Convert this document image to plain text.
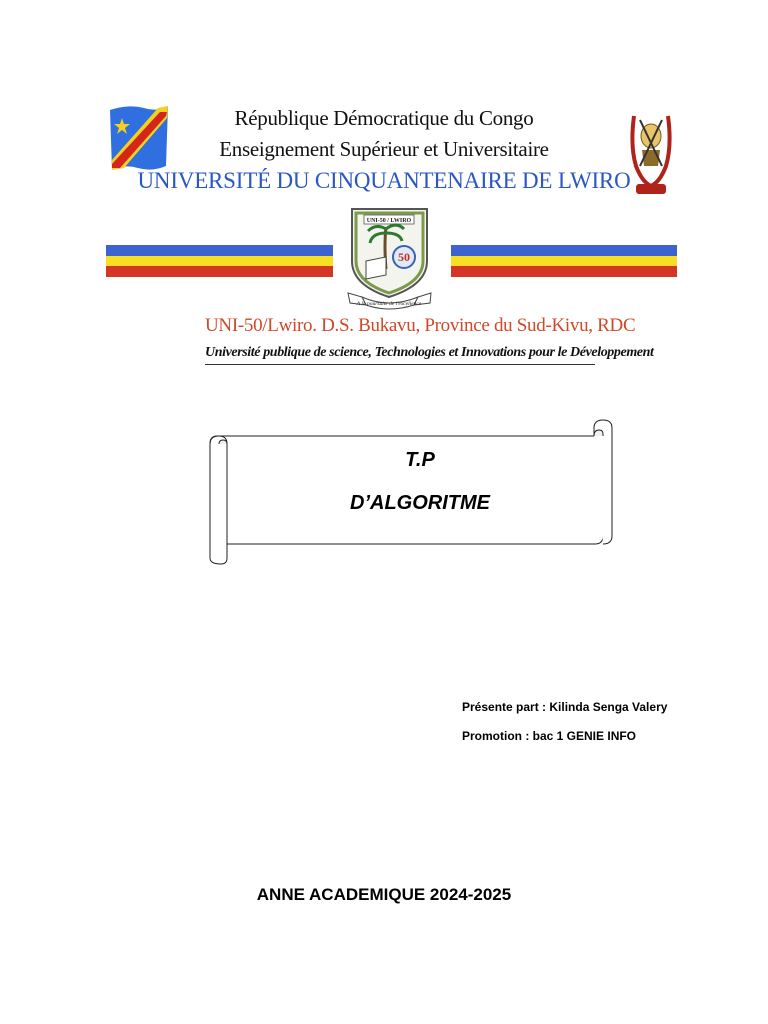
République Démocratique du Congo
Enseignement Supérieur et Universitaire
UNIVERSITÉ DU CINQUANTENAIRE DE LWIRO
UNI-50 / LWIRO
50
A la poursuite de l'excellence
UNI-50/Lwiro. D.S. Bukavu, Province du Sud-Kivu, RDC
Université publique de science, Technologies et Innovations pour le Développement
T.P
D’ALGORITME
Présente part : Kilinda Senga Valery
Promotion : bac 1 GENIE INFO
ANNE ACADEMIQUE 2024-2025
